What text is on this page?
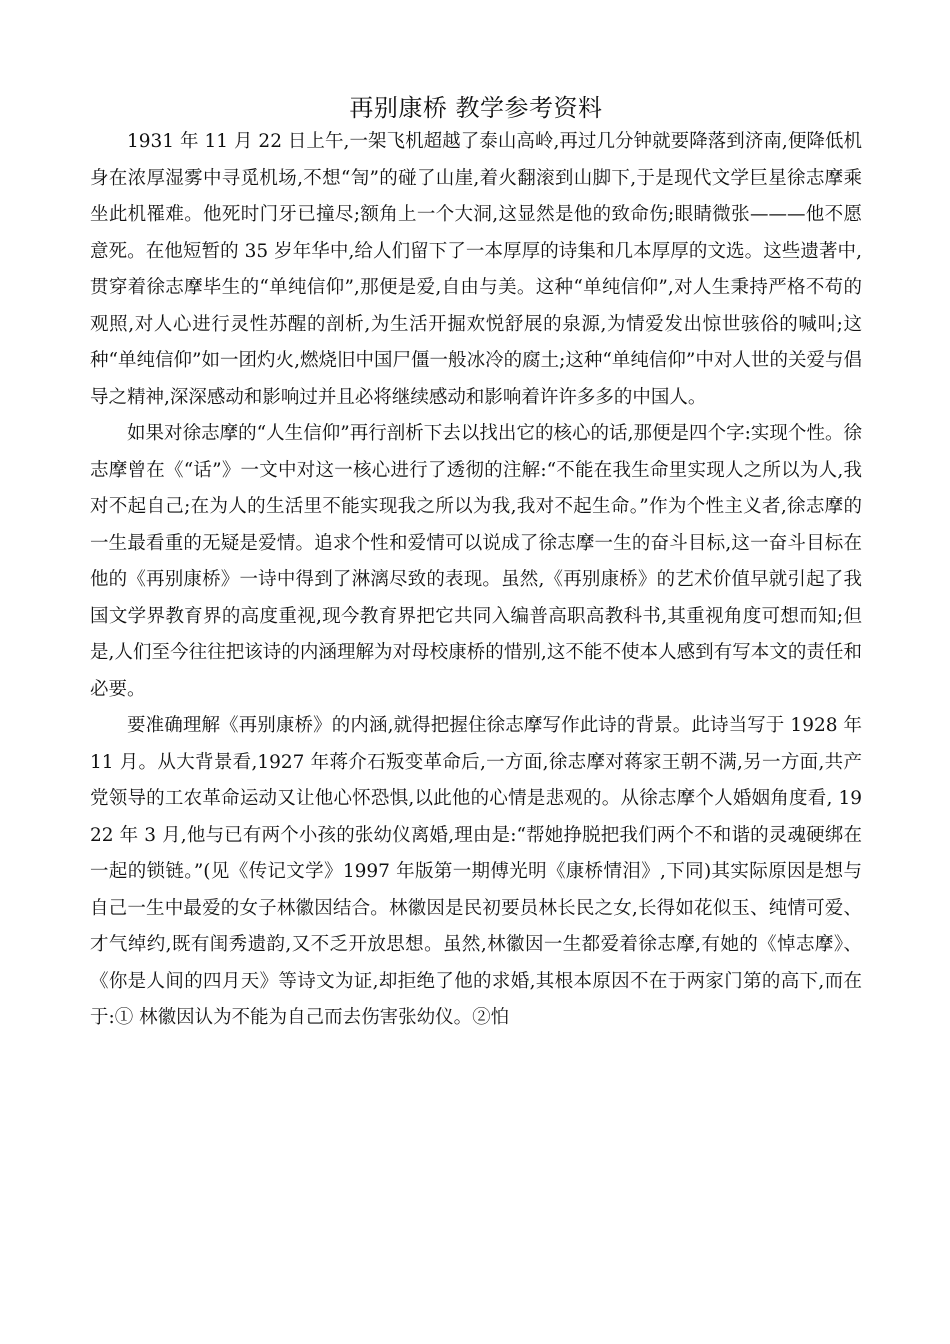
再别康桥 教学参考资料

1931 年 11 月 22 日上午,一架飞机超越了泰山高岭,再过几分钟就要降落到济南,便降低机身在浓厚湿雾中寻觅机场,不想“訇”的碰了山崖,着火翻滚到山脚下,于是现代文学巨星徐志摩乘坐此机罹难。他死时门牙已撞尽;额角上一个大洞,这显然是他的致命伤;眼睛微张———他不愿意死。在他短暂的 35 岁年华中,给人们留下了一本厚厚的诗集和几本厚厚的文选。这些遗著中,贯穿着徐志摩毕生的“单纯信仰”,那便是爱,自由与美。这种“单纯信仰”,对人生秉持严格不苟的观照,对人心进行灵性苏醒的剖析,为生活开掘欢悦舒展的泉源,为情爱发出惊世骇俗的喊叫;这种“单纯信仰”如一团灼火,燃烧旧中国尸僵一般冰冷的腐土;这种“单纯信仰”中对人世的关爱与倡导之精神,深深感动和影响过并且必将继续感动和影响着许许多多的中国人。

如果对徐志摩的“人生信仰”再行剖析下去以找出它的核心的话,那便是四个字:实现个性。徐志摩曾在《“话”》一文中对这一核心进行了透彻的注解:“不能在我生命里实现人之所以为人,我对不起自己;在为人的生活里不能实现我之所以为我,我对不起生命。”作为个性主义者,徐志摩的一生最看重的无疑是爱情。追求个性和爱情可以说成了徐志摩一生的奋斗目标,这一奋斗目标在他的《再别康桥》一诗中得到了淋漓尽致的表现。虽然,《再别康桥》的艺术价值早就引起了我国文学界教育界的高度重视,现今教育界把它共同入编普高职高教科书,其重视角度可想而知;但是,人们至今往往把该诗的内涵理解为对母校康桥的惜别,这不能不使本人感到有写本文的责任和必要。

要准确理解《再别康桥》的内涵,就得把握住徐志摩写作此诗的背景。此诗当写于 1928 年 11 月。从大背景看,1927 年蒋介石叛变革命后,一方面,徐志摩对蒋家王朝不满,另一方面,共产党领导的工农革命运动又让他心怀恐惧,以此他的心情是悲观的。从徐志摩个人婚姻角度看, 1922 年 3 月,他与已有两个小孩的张幼仪离婚,理由是:“帮她挣脱把我们两个不和谐的灵魂硬绑在一起的锁链。”(见《传记文学》1997 年版第一期傅光明《康桥情泪》,下同)其实际原因是想与自己一生中最爱的女子林徽因结合。林徽因是民初要员林长民之女,长得如花似玉、纯情可爱、才气绰约,既有闺秀遗韵,又不乏开放思想。虽然,林徽因一生都爱着徐志摩,有她的《悼志摩》、《你是人间的四月天》等诗文为证,却拒绝了他的求婚,其根本原因不在于两家门第的高下,而在于:① 林徽因认为不能为自己而去伤害张幼仪。②怕
